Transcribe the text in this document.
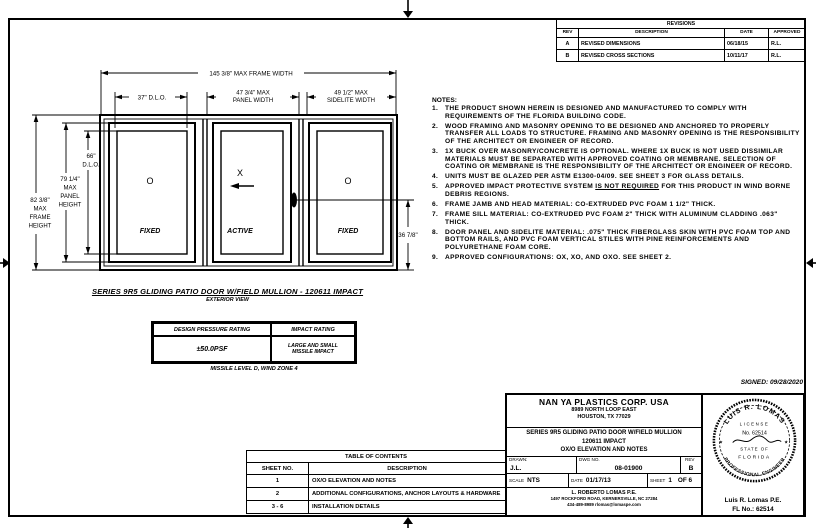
REVISIONS			
REV	DESCRIPTION	DATE	APPROVED
A	REVISED DIMENSIONS	06/18/15	R.L.
B	REVISED CROSS SECTIONS	10/11/17	R.L.
O
X
O
FIXED	ACTIVE	FIXED
145 3/8" MAX FRAME WIDTH
37" D.L.O.
47 3/4" MAX
PANEL WIDTH
49 1/2" MAX
SIDELITE WIDTH
82 3/8"
MAX
FRAME
HEIGHT
79 1/4"
MAX
PANEL
HEIGHT
66"
D.L.O.
36 7/8"
SERIES 9R5 GLIDING PATIO DOOR W/FIELD MULLION - 120611 IMPACT
EXTERIOR VIEW
DESIGN PRESSURE RATING	IMPACT RATING
±50.0PSF	LARGE AND SMALL
MISSILE IMPACT
MISSILE LEVEL D, WIND ZONE 4
NOTES:
1.	THE PRODUCT SHOWN HEREIN IS DESIGNED AND MANUFACTURED TO COMPLY WITH REQUIREMENTS OF THE FLORIDA BUILDING CODE.
2.	WOOD FRAMING AND MASONRY OPENING TO BE DESIGNED AND ANCHORED TO PROPERLY TRANSFER ALL LOADS TO STRUCTURE. FRAMING AND MASONRY OPENING IS THE RESPONSIBILITY OF THE ARCHITECT OR ENGINEER OF RECORD.
3.	1X BUCK OVER MASONRY/CONCRETE IS OPTIONAL. WHERE 1X BUCK IS NOT USED DISSIMILAR MATERIALS MUST BE SEPARATED WITH APPROVED COATING OR MEMBRANE. SELECTION OF COATING OR MEMBRANE IS THE RESPONSIBILITY OF THE ARCHITECT OR ENGINEER OF RECORD.
4.	UNITS MUST BE GLAZED PER ASTM E1300-04/09. SEE SHEET 3 FOR GLASS DETAILS.
5.	APPROVED IMPACT PROTECTIVE SYSTEM IS NOT REQUIRED FOR THIS PRODUCT IN WIND BORNE DEBRIS REGIONS.
6.	FRAME JAMB AND HEAD MATERIAL: CO-EXTRUDED PVC FOAM 1 1/2" THICK.
7.	FRAME SILL MATERIAL: CO-EXTRUDED PVC FOAM 2" THICK WITH ALUMINUM CLADDING .063" THICK.
8.	DOOR PANEL AND SIDELITE MATERIAL: .075" THICK FIBERGLASS SKIN WITH PVC FOAM TOP AND BOTTOM RAILS, AND PVC FOAM VERTICAL STILES WITH PINE REINFORCEMENTS AND POLYURETHANE FOAM CORE.
9.	APPROVED CONFIGURATIONS: OX, XO, AND OXO. SEE SHEET 2.
SIGNED: 09/28/2020
TABLE OF CONTENTS	
SHEET NO.	DESCRIPTION
1	OX/O ELEVATION AND NOTES
2	ADDITIONAL CONFIGURATIONS, ANCHOR LAYOUTS & HARDWARE
3 - 6	INSTALLATION DETAILS
NAN YA PLASTICS CORP. USA
8989 NORTH LOOP EAST
HOUSTON, TX 77029
SERIES 9R5 GLIDING PATIO DOOR W/FIELD MULLION
120611 IMPACT
OX/O ELEVATION AND NOTES
DRAWN:
J.L.
DWG NO.
08-01900
REV
B
SCALE NTS	DATE 01/17/13	SHEET 1 OF 6
L. ROBERTO LOMAS P.E.
1497 ROCKFORD ROAD, KERNERSVILLE, NC 27284
434-489-8989 rlomas@lomaspe.com
LUIS R. LOMAS
PROFESSIONAL ENGINEER
LICENSE
No. 62514
STATE OF
FLORIDA
★	★
Luis R. Lomas P.E.
FL No.: 62514
